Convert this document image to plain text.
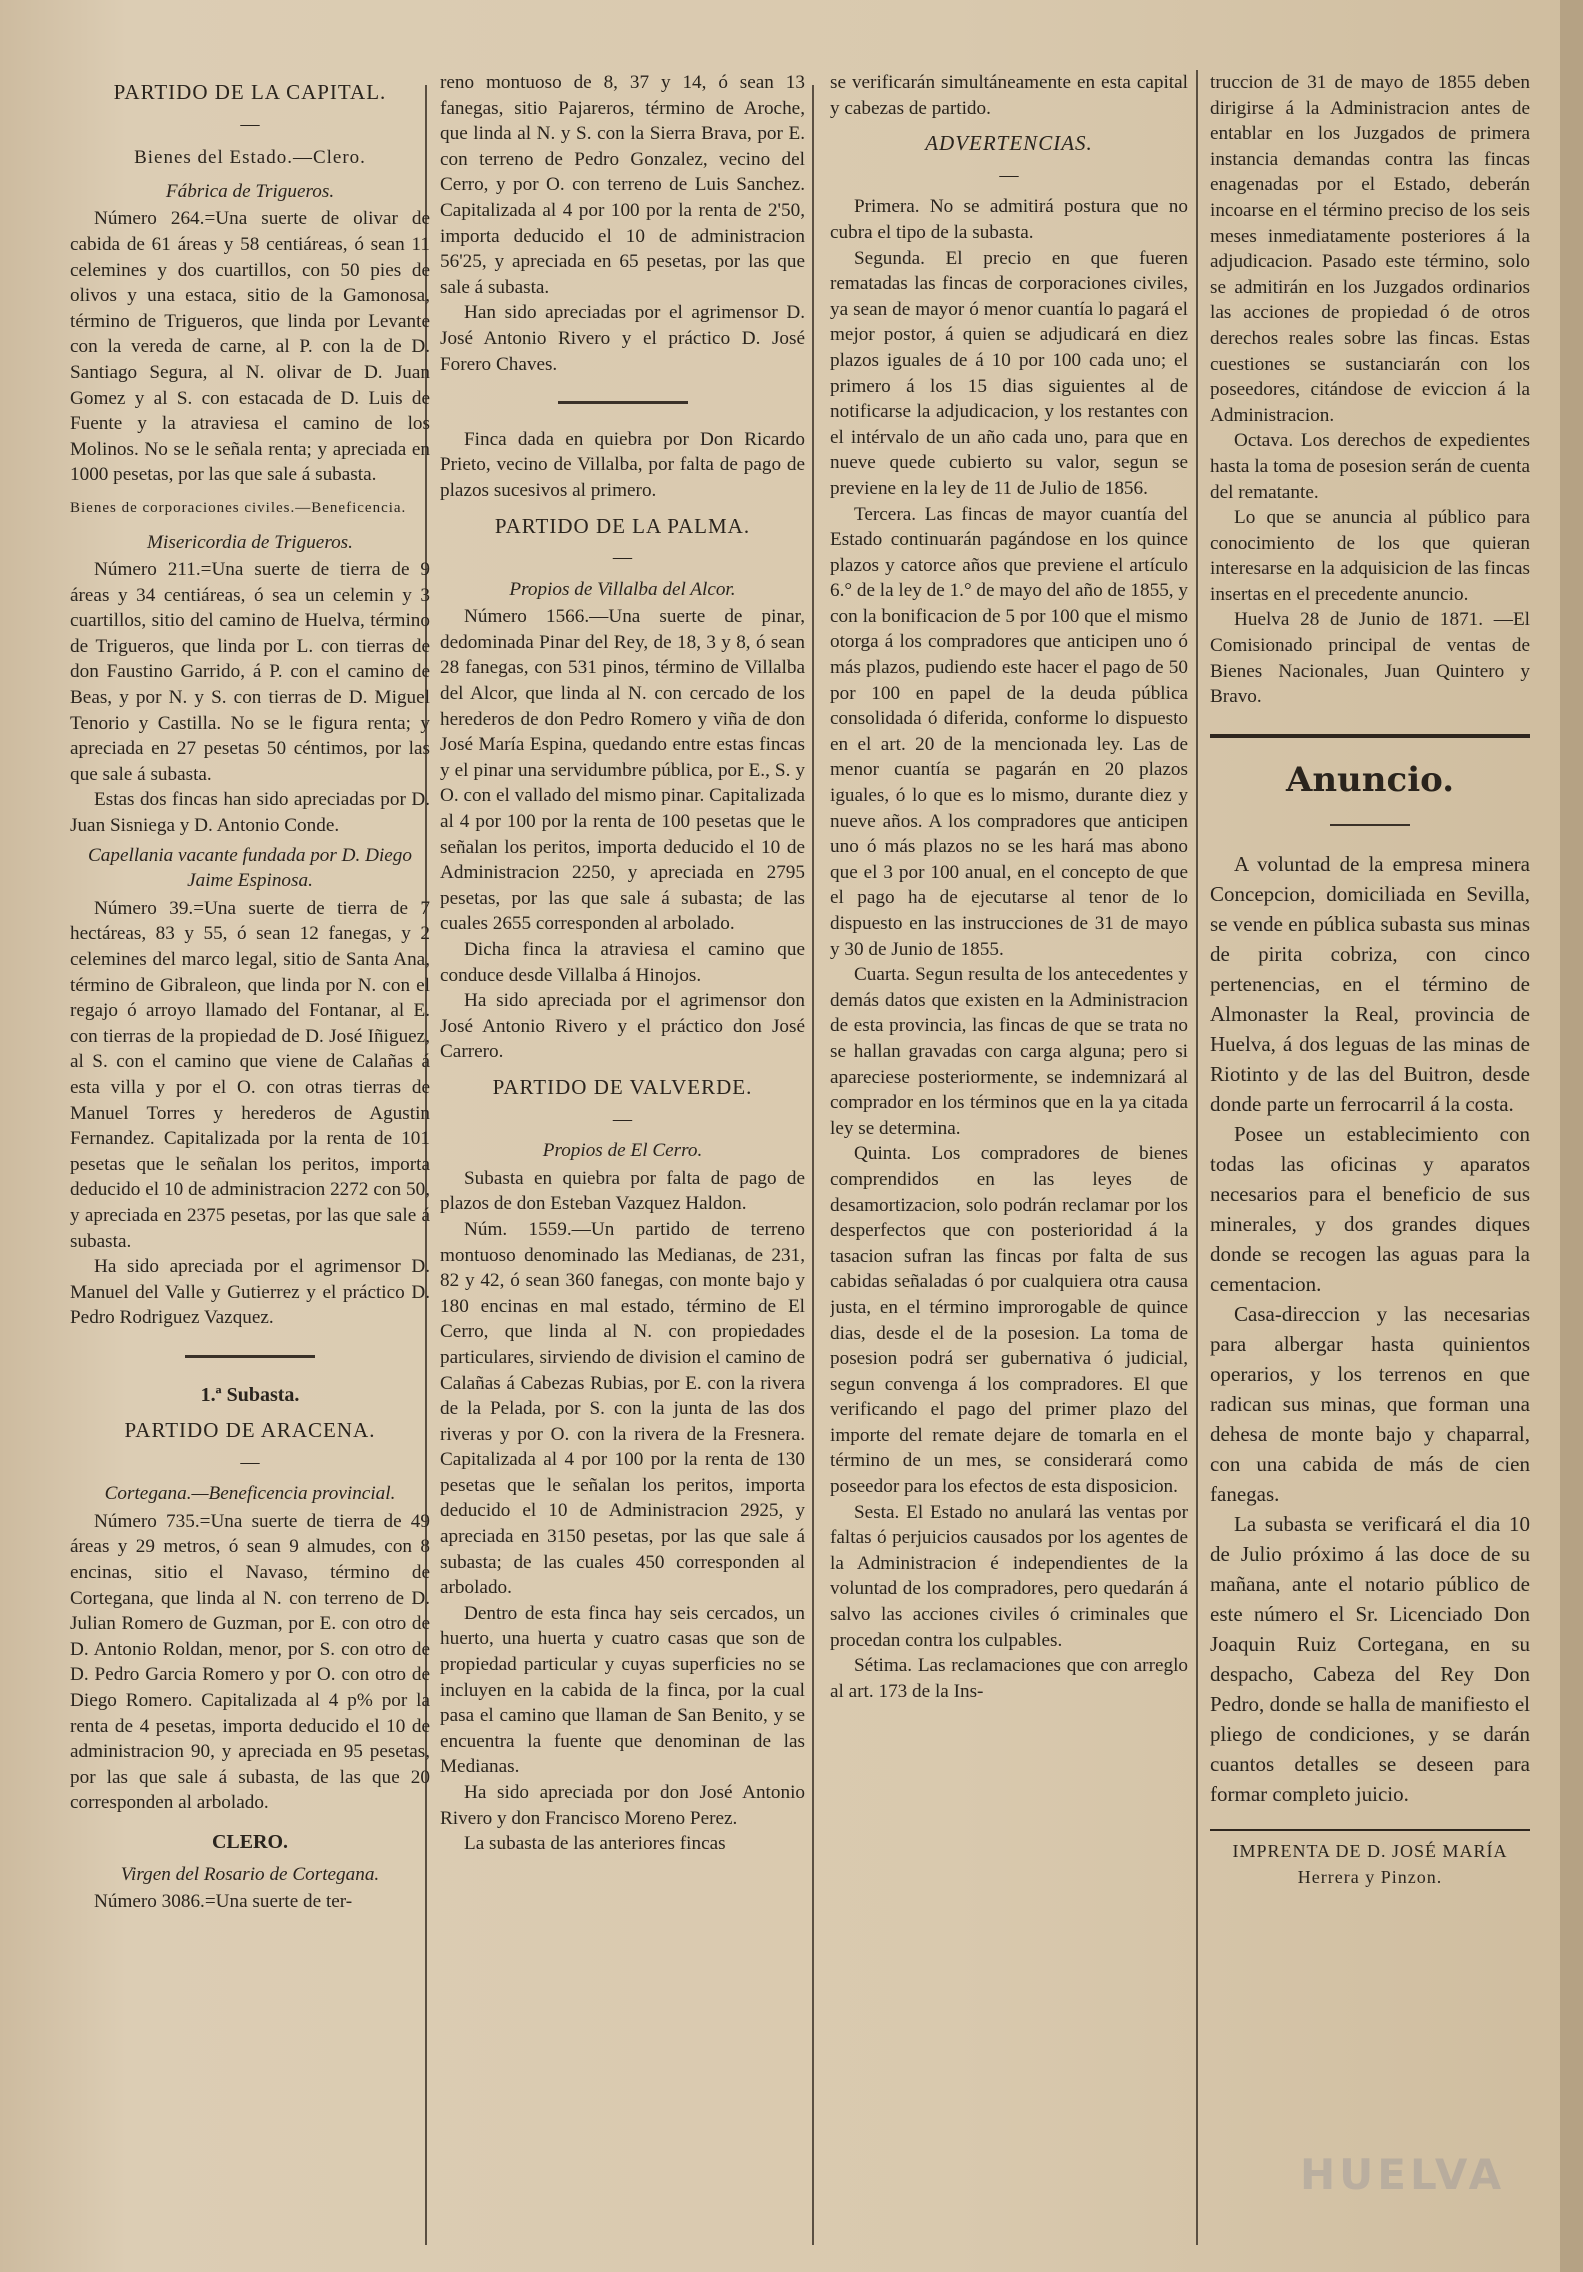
PARTIDO DE LA CAPITAL.
—
Bienes del Estado.—Clero.
Fábrica de Trigueros.

Número 264.=Una suerte de olivar de cabida de 61 áreas y 58 centiáreas, ó sean 11 celemines y dos cuartillos, con 50 pies de olivos y una estaca, sitio de la Gamonosa, término de Trigueros, que linda por Levante con la vereda de carne, al P. con la de D. Santiago Segura, al N. olivar de D. Juan Gomez y al S. con estacada de D. Luis de Fuente y la atraviesa el camino de los Molinos. No se le señala renta; y apreciada en 1000 pesetas, por las que sale á subasta.

Bienes de corporaciones civiles.—Beneficencia.
Misericordia de Trigueros.

Número 211.=Una suerte de tierra de 9 áreas y 34 centiáreas, ó sea un celemin y 3 cuartillos, sitio del camino de Huelva, término de Trigueros, que linda por L. con tierras de don Faustino Garrido, á P. con el camino de Beas, y por N. y S. con tierras de D. Miguel Tenorio y Castilla. No se le figura renta; y apreciada en 27 pesetas 50 céntimos, por las que sale á subasta.

Estas dos fincas han sido apreciadas por D. Juan Sisniega y D. Antonio Conde.

Capellania vacante fundada por D. Diego Jaime Espinosa.

Número 39.=Una suerte de tierra de 7 hectáreas, 83 y 55, ó sean 12 fanegas, y 2 celemines del marco legal, sitio de Santa Ana, término de Gibraleon, que linda por N. con el regajo ó arroyo llamado del Fontanar, al E. con tierras de la propiedad de D. José Iñiguez, al S. con el camino que viene de Calañas á esta villa y por el O. con otras tierras de Manuel Torres y herederos de Agustin Fernandez. Capitalizada por la renta de 101 pesetas que le señalan los peritos, importa deducido el 10 de administracion 2272 con 50, y apreciada en 2375 pesetas, por las que sale á subasta.

Ha sido apreciada por el agrimensor D. Manuel del Valle y Gutierrez y el práctico D. Pedro Rodriguez Vazquez.

1.ª Subasta.
PARTIDO DE ARACENA.
—
Cortegana.—Beneficencia provincial.

Número 735.=Una suerte de tierra de 49 áreas y 29 metros, ó sean 9 almudes, con 8 encinas, sitio el Navaso, término de Cortegana, que linda al N. con terreno de D. Julian Romero de Guzman, por E. con otro de D. Antonio Roldan, menor, por S. con otro de D. Pedro Garcia Romero y por O. con otro de Diego Romero. Capitalizada al 4 p% por la renta de 4 pesetas, importa deducido el 10 de administracion 90, y apreciada en 95 pesetas, por las que sale á subasta, de las que 20 corresponden al arbolado.

CLERO.
Virgen del Rosario de Cortegana.

Número 3086.=Una suerte de ter-

reno montuoso de 8, 37 y 14, ó sean 13 fanegas, sitio Pajareros, término de Aroche, que linda al N. y S. con la Sierra Brava, por E. con terreno de Pedro Gonzalez, vecino del Cerro, y por O. con terreno de Luis Sanchez. Capitalizada al 4 por 100 por la renta de 2'50, importa deducido el 10 de administracion 56'25, y apreciada en 65 pesetas, por las que sale á subasta.

Han sido apreciadas por el agrimensor D. José Antonio Rivero y el práctico D. José Forero Chaves.

Finca dada en quiebra por Don Ricardo Prieto, vecino de Villalba, por falta de pago de plazos sucesivos al primero.

PARTIDO DE LA PALMA.
—
Propios de Villalba del Alcor.

Número 1566.—Una suerte de pinar, dedominada Pinar del Rey, de 18, 3 y 8, ó sean 28 fanegas, con 531 pinos, término de Villalba del Alcor, que linda al N. con cercado de los herederos de don Pedro Romero y viña de don José María Espina, quedando entre estas fincas y el pinar una servidumbre pública, por E., S. y O. con el vallado del mismo pinar. Capitalizada al 4 por 100 por la renta de 100 pesetas que le señalan los peritos, importa deducido el 10 de Administracion 2250, y apreciada en 2795 pesetas, por las que sale á subasta; de las cuales 2655 corresponden al arbolado.

Dicha finca la atraviesa el camino que conduce desde Villalba á Hinojos.

Ha sido apreciada por el agrimensor don José Antonio Rivero y el práctico don José Carrero.

PARTIDO DE VALVERDE.
—
Propios de El Cerro.

Subasta en quiebra por falta de pago de plazos de don Esteban Vazquez Haldon.

Núm. 1559.—Un partido de terreno montuoso denominado las Medianas, de 231, 82 y 42, ó sean 360 fanegas, con monte bajo y 180 encinas en mal estado, término de El Cerro, que linda al N. con propiedades particulares, sirviendo de division el camino de Calañas á Cabezas Rubias, por E. con la rivera de la Pelada, por S. con la junta de las dos riveras y por O. con la rivera de la Fresnera. Capitalizada al 4 por 100 por la renta de 130 pesetas que le señalan los peritos, importa deducido el 10 de Administracion 2925, y apreciada en 3150 pesetas, por las que sale á subasta; de las cuales 450 corresponden al arbolado.

Dentro de esta finca hay seis cercados, un huerto, una huerta y cuatro casas que son de propiedad particular y cuyas superficies no se incluyen en la cabida de la finca, por la cual pasa el camino que llaman de San Benito, y se encuentra la fuente que denominan de las Medianas.

Ha sido apreciada por don José Antonio Rivero y don Francisco Moreno Perez.

La subasta de las anteriores fincas

se verificarán simultáneamente en esta capital y cabezas de partido.

ADVERTENCIAS.
—

Primera. No se admitirá postura que no cubra el tipo de la subasta.

Segunda. El precio en que fueren rematadas las fincas de corporaciones civiles, ya sean de mayor ó menor cuantía lo pagará el mejor postor, á quien se adjudicará en diez plazos iguales de á 10 por 100 cada uno; el primero á los 15 dias siguientes al de notificarse la adjudicacion, y los restantes con el intérvalo de un año cada uno, para que en nueve quede cubierto su valor, segun se previene en la ley de 11 de Julio de 1856.

Tercera. Las fincas de mayor cuantía del Estado continuarán pagándose en los quince plazos y catorce años que previene el artículo 6.° de la ley de 1.° de mayo del año de 1855, y con la bonificacion de 5 por 100 que el mismo otorga á los compradores que anticipen uno ó más plazos, pudiendo este hacer el pago de 50 por 100 en papel de la deuda pública consolidada ó diferida, conforme lo dispuesto en el art. 20 de la mencionada ley. Las de menor cuantía se pagarán en 20 plazos iguales, ó lo que es lo mismo, durante diez y nueve años. A los compradores que anticipen uno ó más plazos no se les hará mas abono que el 3 por 100 anual, en el concepto de que el pago ha de ejecutarse al tenor de lo dispuesto en las instrucciones de 31 de mayo y 30 de Junio de 1855.

Cuarta. Segun resulta de los antecedentes y demás datos que existen en la Administracion de esta provincia, las fincas de que se trata no se hallan gravadas con carga alguna; pero si apareciese posteriormente, se indemnizará al comprador en los términos que en la ya citada ley se determina.

Quinta. Los compradores de bienes comprendidos en las leyes de desamortizacion, solo podrán reclamar por los desperfectos que con posterioridad á la tasacion sufran las fincas por falta de sus cabidas señaladas ó por cualquiera otra causa justa, en el término improrogable de quince dias, desde el de la posesion. La toma de posesion podrá ser gubernativa ó judicial, segun convenga á los compradores. El que verificando el pago del primer plazo del importe del remate dejare de tomarla en el término de un mes, se considerará como poseedor para los efectos de esta disposicion.

Sesta. El Estado no anulará las ventas por faltas ó perjuicios causados por los agentes de la Administracion é independientes de la voluntad de los compradores, pero quedarán á salvo las acciones civiles ó criminales que procedan contra los culpables.

Sétima. Las reclamaciones que con arreglo al art. 173 de la Ins-

truccion de 31 de mayo de 1855 deben dirigirse á la Administracion antes de entablar en los Juzgados de primera instancia demandas contra las fincas enagenadas por el Estado, deberán incoarse en el término preciso de los seis meses inmediatamente posteriores á la adjudicacion. Pasado este término, solo se admitirán en los Juzgados ordinarios las acciones de propiedad ó de otros derechos reales sobre las fincas. Estas cuestiones se sustanciarán con los poseedores, citándose de eviccion á la Administracion.

Octava. Los derechos de expedientes hasta la toma de posesion serán de cuenta del rematante.

Lo que se anuncia al público para conocimiento de los que quieran interesarse en la adquisicion de las fincas insertas en el precedente anuncio.

Huelva 28 de Junio de 1871. —El Comisionado principal de ventas de Bienes Nacionales, Juan Quintero y Bravo.

Anuncio.

A voluntad de la empresa minera Concepcion, domiciliada en Sevilla, se vende en pública subasta sus minas de pirita cobriza, con cinco pertenencias, en el término de Almonaster la Real, provincia de Huelva, á dos leguas de las minas de Riotinto y de las del Buitron, desde donde parte un ferrocarril á la costa.

Posee un establecimiento con todas las oficinas y aparatos necesarios para el beneficio de sus minerales, y dos grandes diques donde se recogen las aguas para la cementacion.

Casa-direccion y las necesarias para albergar hasta quinientos operarios, y los terrenos en que radican sus minas, que forman una dehesa de monte bajo y chaparral, con una cabida de más de cien fanegas.

La subasta se verificará el dia 10 de Julio próximo á las doce de su mañana, ante el notario público de este número el Sr. Licenciado Don Joaquin Ruiz Cortegana, en su despacho, Cabeza del Rey Don Pedro, donde se halla de manifiesto el pliego de condiciones, y se darán cuantos detalles se deseen para formar completo juicio.

IMPRENTA DE D. JOSÉ MARÍA Herrera y Pinzon.
HUELVA
